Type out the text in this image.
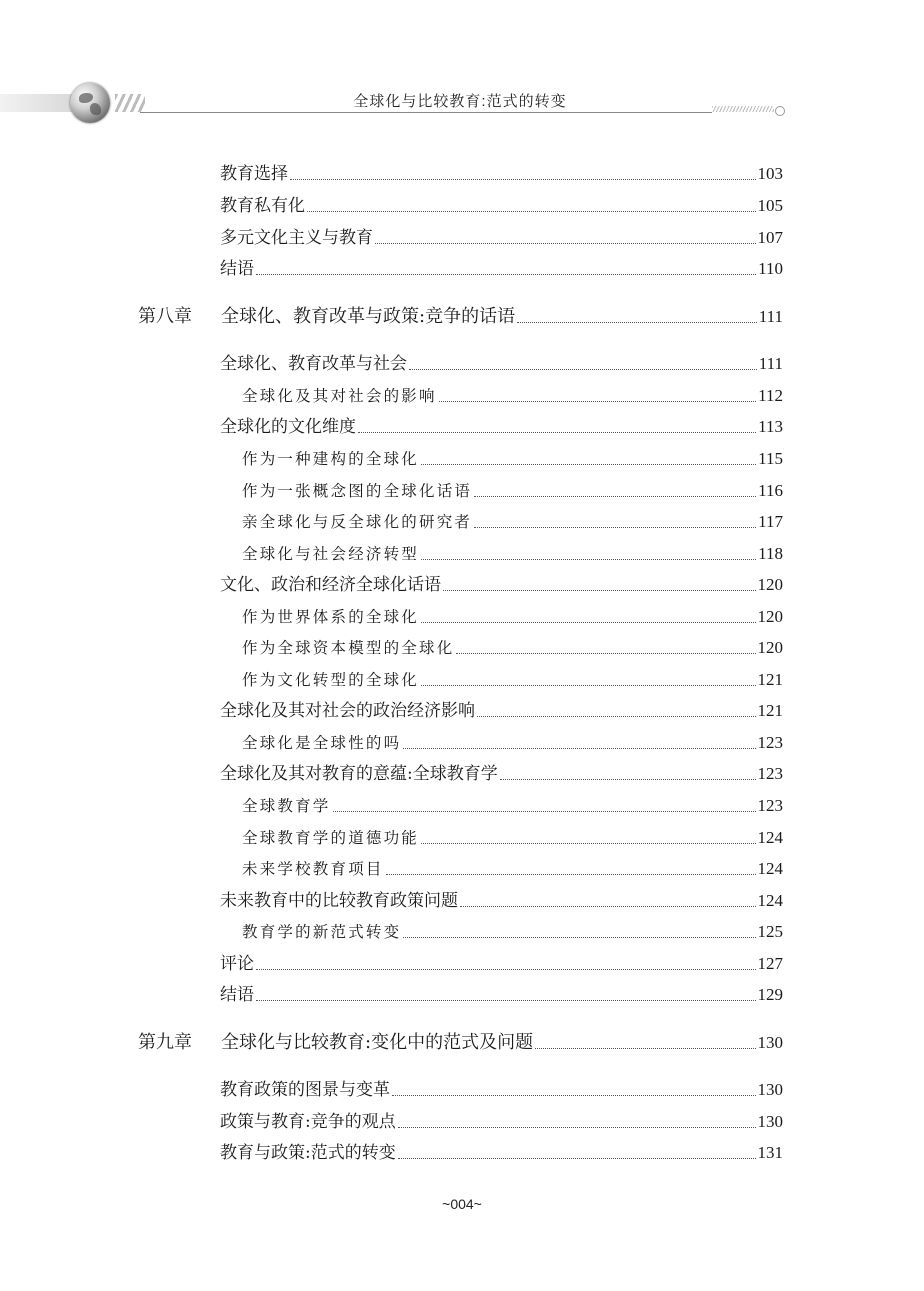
全球化与比较教育:范式的转变
教育选择	103
教育私有化	105
多元文化主义与教育	107
结语	110
第八章	全球化、教育改革与政策:竞争的话语	111
全球化、教育改革与社会	111
全球化及其对社会的影响	112
全球化的文化维度	113
作为一种建构的全球化	115
作为一张概念图的全球化话语	116
亲全球化与反全球化的研究者	117
全球化与社会经济转型	118
文化、政治和经济全球化话语	120
作为世界体系的全球化	120
作为全球资本模型的全球化	120
作为文化转型的全球化	121
全球化及其对社会的政治经济影响	121
全球化是全球性的吗	123
全球化及其对教育的意蕴:全球教育学	123
全球教育学	123
全球教育学的道德功能	124
未来学校教育项目	124
未来教育中的比较教育政策问题	124
教育学的新范式转变	125
评论	127
结语	129
第九章	全球化与比较教育:变化中的范式及问题	130
教育政策的图景与变革	130
政策与教育:竞争的观点	130
教育与政策:范式的转变	131
~004~
